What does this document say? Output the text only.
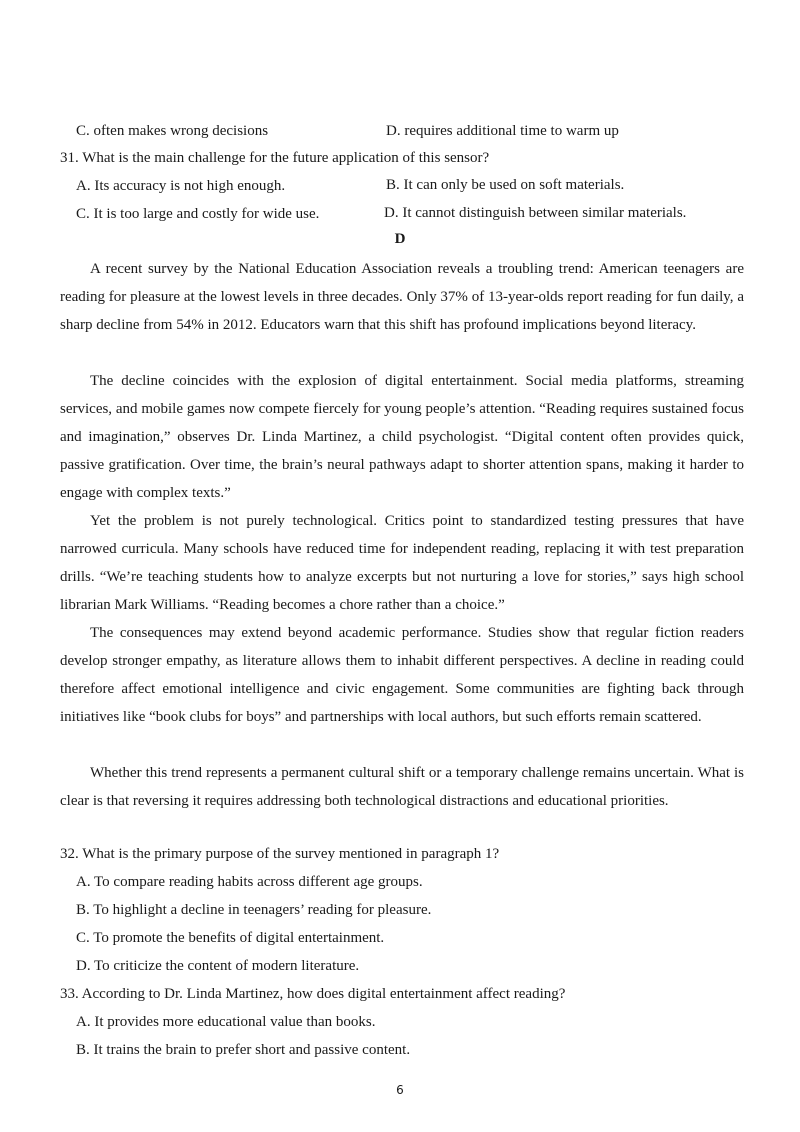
C. often makes wrong decisions	D. requires additional time to warm up
31. What is the main challenge for the future application of this sensor?
A. Its accuracy is not high enough.	B. It can only be used on soft materials.
C. It is too large and costly for wide use.	D. It cannot distinguish between similar materials.
D
A recent survey by the National Education Association reveals a troubling trend: American teenagers are reading for pleasure at the lowest levels in three decades. Only 37% of 13-year-olds report reading for fun daily, a sharp decline from 54% in 2012. Educators warn that this shift has profound implications beyond literacy.
The decline coincides with the explosion of digital entertainment. Social media platforms, streaming services, and mobile games now compete fiercely for young people’s attention. “Reading requires sustained focus and imagination,” observes Dr. Linda Martinez, a child psychologist. “Digital content often provides quick, passive gratification. Over time, the brain’s neural pathways adapt to shorter attention spans, making it harder to engage with complex texts.”
Yet the problem is not purely technological. Critics point to standardized testing pressures that have narrowed curricula. Many schools have reduced time for independent reading, replacing it with test preparation drills. “We’re teaching students how to analyze excerpts but not nurturing a love for stories,” says high school librarian Mark Williams. “Reading becomes a chore rather than a choice.”
The consequences may extend beyond academic performance. Studies show that regular fiction readers develop stronger empathy, as literature allows them to inhabit different perspectives. A decline in reading could therefore affect emotional intelligence and civic engagement. Some communities are fighting back through initiatives like “book clubs for boys” and partnerships with local authors, but such efforts remain scattered.
Whether this trend represents a permanent cultural shift or a temporary challenge remains uncertain. What is clear is that reversing it requires addressing both technological distractions and educational priorities.
32. What is the primary purpose of the survey mentioned in paragraph 1?
A. To compare reading habits across different age groups.
B. To highlight a decline in teenagers’ reading for pleasure.
C. To promote the benefits of digital entertainment.
D. To criticize the content of modern literature.
33. According to Dr. Linda Martinez, how does digital entertainment affect reading?
A. It provides more educational value than books.
B. It trains the brain to prefer short and passive content.
6
